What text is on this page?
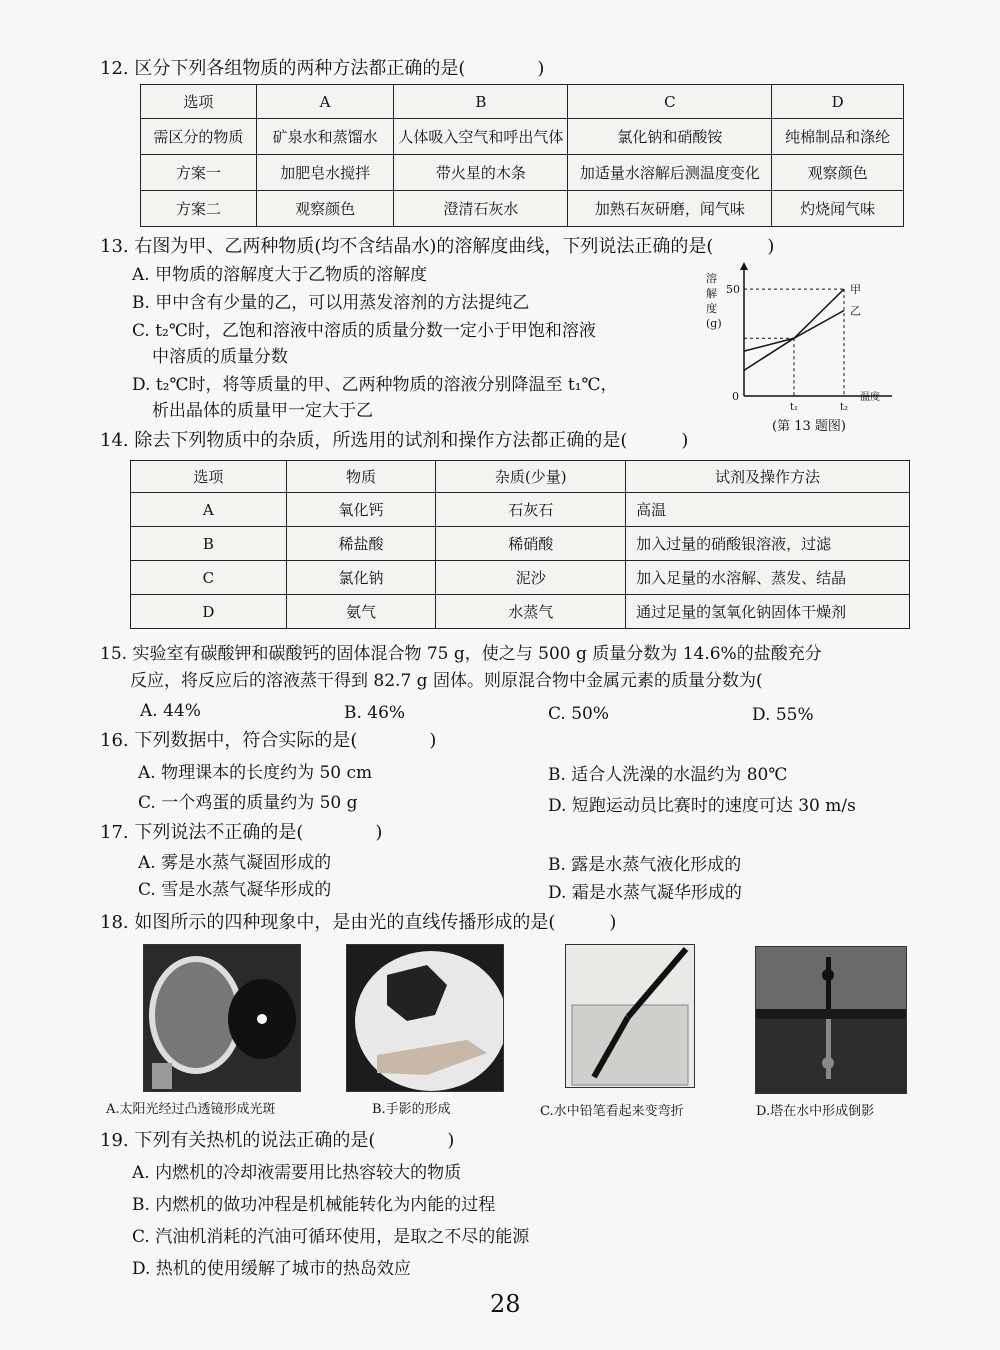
12. 区分下列各组物质的两种方法都正确的是(　　　　)
选项	A	B	C	D
需区分的物质	矿泉水和蒸馏水	人体吸入空气和呼出气体	氯化钠和硝酸铵	纯棉制品和涤纶
方案一	加肥皂水搅拌	带火星的木条	加适量水溶解后测温度变化	观察颜色
方案二	观察颜色	澄清石灰水	加熟石灰研磨，闻气味	灼烧闻气味
13. 右图为甲、乙两种物质(均不含结晶水)的溶解度曲线，下列说法正确的是(　　　)
A. 甲物质的溶解度大于乙物质的溶解度
B. 甲中含有少量的乙，可以用蒸发溶剂的方法提纯乙
C. t₂℃时，乙饱和溶液中溶质的质量分数一定小于甲饱和溶液
中溶质的质量分数
D. t₂℃时，将等质量的甲、乙两种物质的溶液分别降温至 t₁℃，
析出晶体的质量甲一定大于乙
甲
乙
溶
解
度
(g)
50
0
t₁	t₂
温度
(第 13 题图)
14. 除去下列物质中的杂质，所选用的试剂和操作方法都正确的是(　　　)
选项	物质	杂质(少量)	试剂及操作方法
A	氧化钙	石灰石	高温
B	稀盐酸	稀硝酸	加入过量的硝酸银溶液，过滤
C	氯化钠	泥沙	加入足量的水溶解、蒸发、结晶
D	氨气	水蒸气	通过足量的氢氧化钠固体干燥剂
15. 实验室有碳酸钾和碳酸钙的固体混合物 75 g，使之与 500 g 质量分数为 14.6%的盐酸充分
反应，将反应后的溶液蒸干得到 82.7 g 固体。则原混合物中金属元素的质量分数为(
A. 44%	B. 46%	C. 50%	D. 55%
16. 下列数据中，符合实际的是(　　　　)
A. 物理课本的长度约为 50 cm	B. 适合人洗澡的水温约为 80℃
C. 一个鸡蛋的质量约为 50 g	D. 短跑运动员比赛时的速度可达 30 m/s
17. 下列说法不正确的是(　　　　)
A. 雾是水蒸气凝固形成的	B. 露是水蒸气液化形成的
C. 雪是水蒸气凝华形成的	D. 霜是水蒸气凝华形成的
18. 如图所示的四种现象中，是由光的直线传播形成的是(　　　)
A.太阳光经过凸透镜形成光斑	B.手影的形成	C.水中铅笔看起来变弯折	D.塔在水中形成倒影
19. 下列有关热机的说法正确的是(　　　　)
A. 内燃机的冷却液需要用比热容较大的物质
B. 内燃机的做功冲程是机械能转化为内能的过程
C. 汽油机消耗的汽油可循环使用，是取之不尽的能源
D. 热机的使用缓解了城市的热岛效应
28
